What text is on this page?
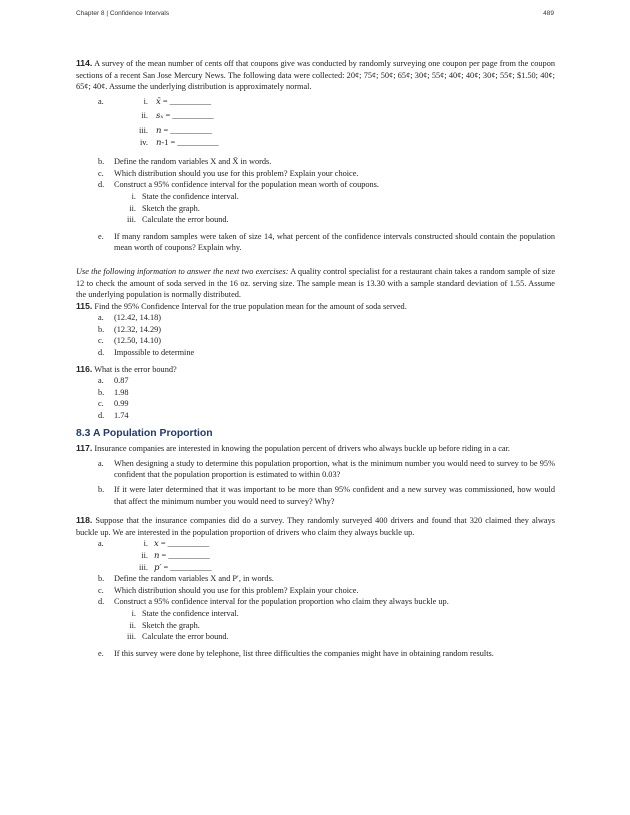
Chapter 8 | Confidence Intervals	489

114. A survey of the mean number of cents off that coupons give was conducted by randomly surveying one coupon per page from the coupon sections of a recent San Jose Mercury News. The following data were collected: 20¢; 75¢; 50¢; 65¢; 30¢; 55¢; 40¢; 40¢; 30¢; 55¢; $1.50; 40¢; 65¢; 40¢. Assume the underlying distribution is approximately normal.

a.	i. x̄ = __________
ii. sₓ = __________
iii. n = __________
iv. n-1 = __________
b. Define the random variables X and X̄ in words.
c. Which distribution should you use for this problem? Explain your choice.
d. Construct a 95% confidence interval for the population mean worth of coupons.
i. State the confidence interval.
ii. Sketch the graph.
iii. Calculate the error bound.
e. If many random samples were taken of size 14, what percent of the confidence intervals constructed should contain the population mean worth of coupons? Explain why.

Use the following information to answer the next two exercises: A quality control specialist for a restaurant chain takes a random sample of size 12 to check the amount of soda served in the 16 oz. serving size. The sample mean is 13.30 with a sample standard deviation of 1.55. Assume the underlying population is normally distributed.

115. Find the 95% Confidence Interval for the true population mean for the amount of soda served.
a. (12.42, 14.18)
b. (12.32, 14.29)
c. (12.50, 14.10)
d. Impossible to determine
116. What is the error bound?
a. 0.87
b. 1.98
c. 0.99
d. 1.74
8.3 A Population Proportion

117. Insurance companies are interested in knowing the population percent of drivers who always buckle up before riding in a car.

a. When designing a study to determine this population proportion, what is the minimum number you would need to survey to be 95% confident that the population proportion is estimated to within 0.03?
b. If it were later determined that it was important to be more than 95% confident and a new survey was commissioned, how would that affect the minimum number you would need to survey? Why?

118. Suppose that the insurance companies did do a survey. They randomly surveyed 400 drivers and found that 320 claimed they always buckle up. We are interested in the population proportion of drivers who claim they always buckle up.

a.	i. x = __________
ii. n = __________
iii. p′ = __________
b. Define the random variables X and P′, in words.
c. Which distribution should you use for this problem? Explain your choice.
d. Construct a 95% confidence interval for the population proportion who claim they always buckle up.
i. State the confidence interval.
ii. Sketch the graph.
iii. Calculate the error bound.
e. If this survey were done by telephone, list three difficulties the companies might have in obtaining random results.
